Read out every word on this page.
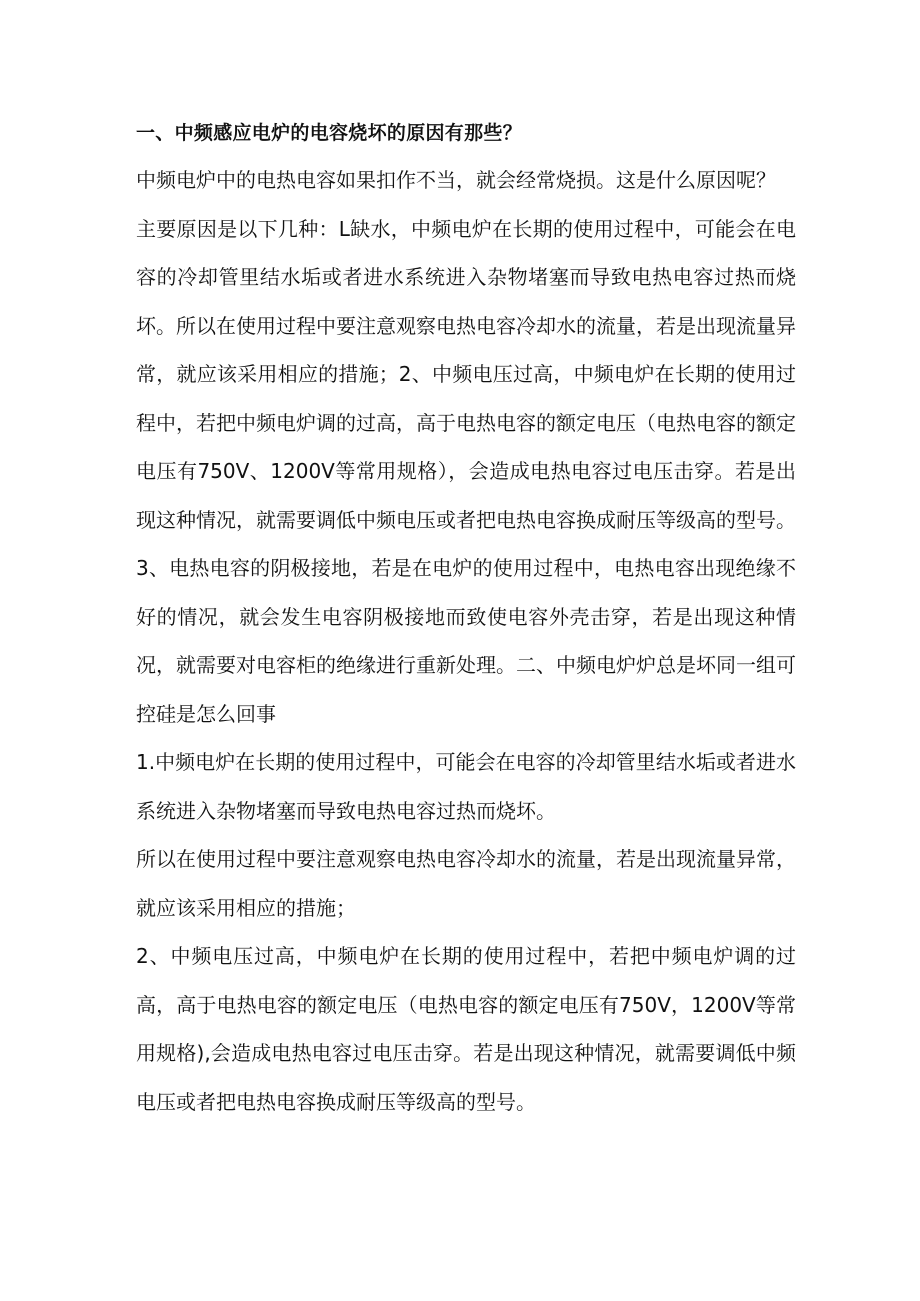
一、中频感应电炉的电容烧坏的原因有那些？

中频电炉中的电热电容如果扣作不当，就会经常烧损。这是什么原因呢？

主要原因是以下几种：L缺水，中频电炉在长期的使用过程中，可能会在电容的冷却管里结水垢或者进水系统进入杂物堵塞而导致电热电容过热而烧坏。所以在使用过程中要注意观察电热电容冷却水的流量，若是出现流量异常，就应该采用相应的措施；2、中频电压过高，中频电炉在长期的使用过程中，若把中频电炉调的过高，高于电热电容的额定电压（电热电容的额定电压有750V、1200V等常用规格），会造成电热电容过电压击穿。若是出现这种情况，就需要调低中频电压或者把电热电容换成耐压等级高的型号。

3、电热电容的阴极接地，若是在电炉的使用过程中，电热电容出现绝缘不好的情况，就会发生电容阴极接地而致使电容外壳击穿，若是出现这种情况，就需要对电容柜的绝缘进行重新处理。二、中频电炉炉总是坏同一组可控硅是怎么回事

1.中频电炉在长期的使用过程中，可能会在电容的冷却管里结水垢或者进水系统进入杂物堵塞而导致电热电容过热而烧坏。

所以在使用过程中要注意观察电热电容冷却水的流量，若是出现流量异常，就应该采用相应的措施；

2、中频电压过高，中频电炉在长期的使用过程中，若把中频电炉调的过高，高于电热电容的额定电压（电热电容的额定电压有750V，1200V等常用规格),会造成电热电容过电压击穿。若是出现这种情况，就需要调低中频电压或者把电热电容换成耐压等级高的型号。
